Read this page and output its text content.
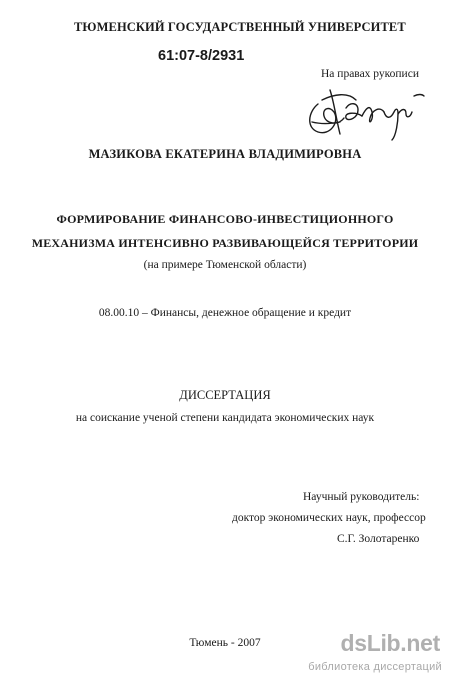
ТЮМЕНСКИЙ ГОСУДАРСТВЕННЫЙ УНИВЕРСИТЕТ
61:07-8/2931
На правах рукописи
МАЗИКОВА ЕКАТЕРИНА ВЛАДИМИРОВНА
ФОРМИРОВАНИЕ ФИНАНСОВО-ИНВЕСТИЦИОННОГО
МЕХАНИЗМА ИНТЕНСИВНО РАЗВИВАЮЩЕЙСЯ ТЕРРИТОРИИ
(на примере Тюменской области)
08.00.10 – Финансы, денежное обращение и кредит
ДИССЕРТАЦИЯ
на соискание ученой степени кандидата экономических наук
Научный руководитель:
доктор экономических наук, профессор
С.Г. Золотаренко
Тюмень - 2007	dsLib.net
библиотека диссертаций
